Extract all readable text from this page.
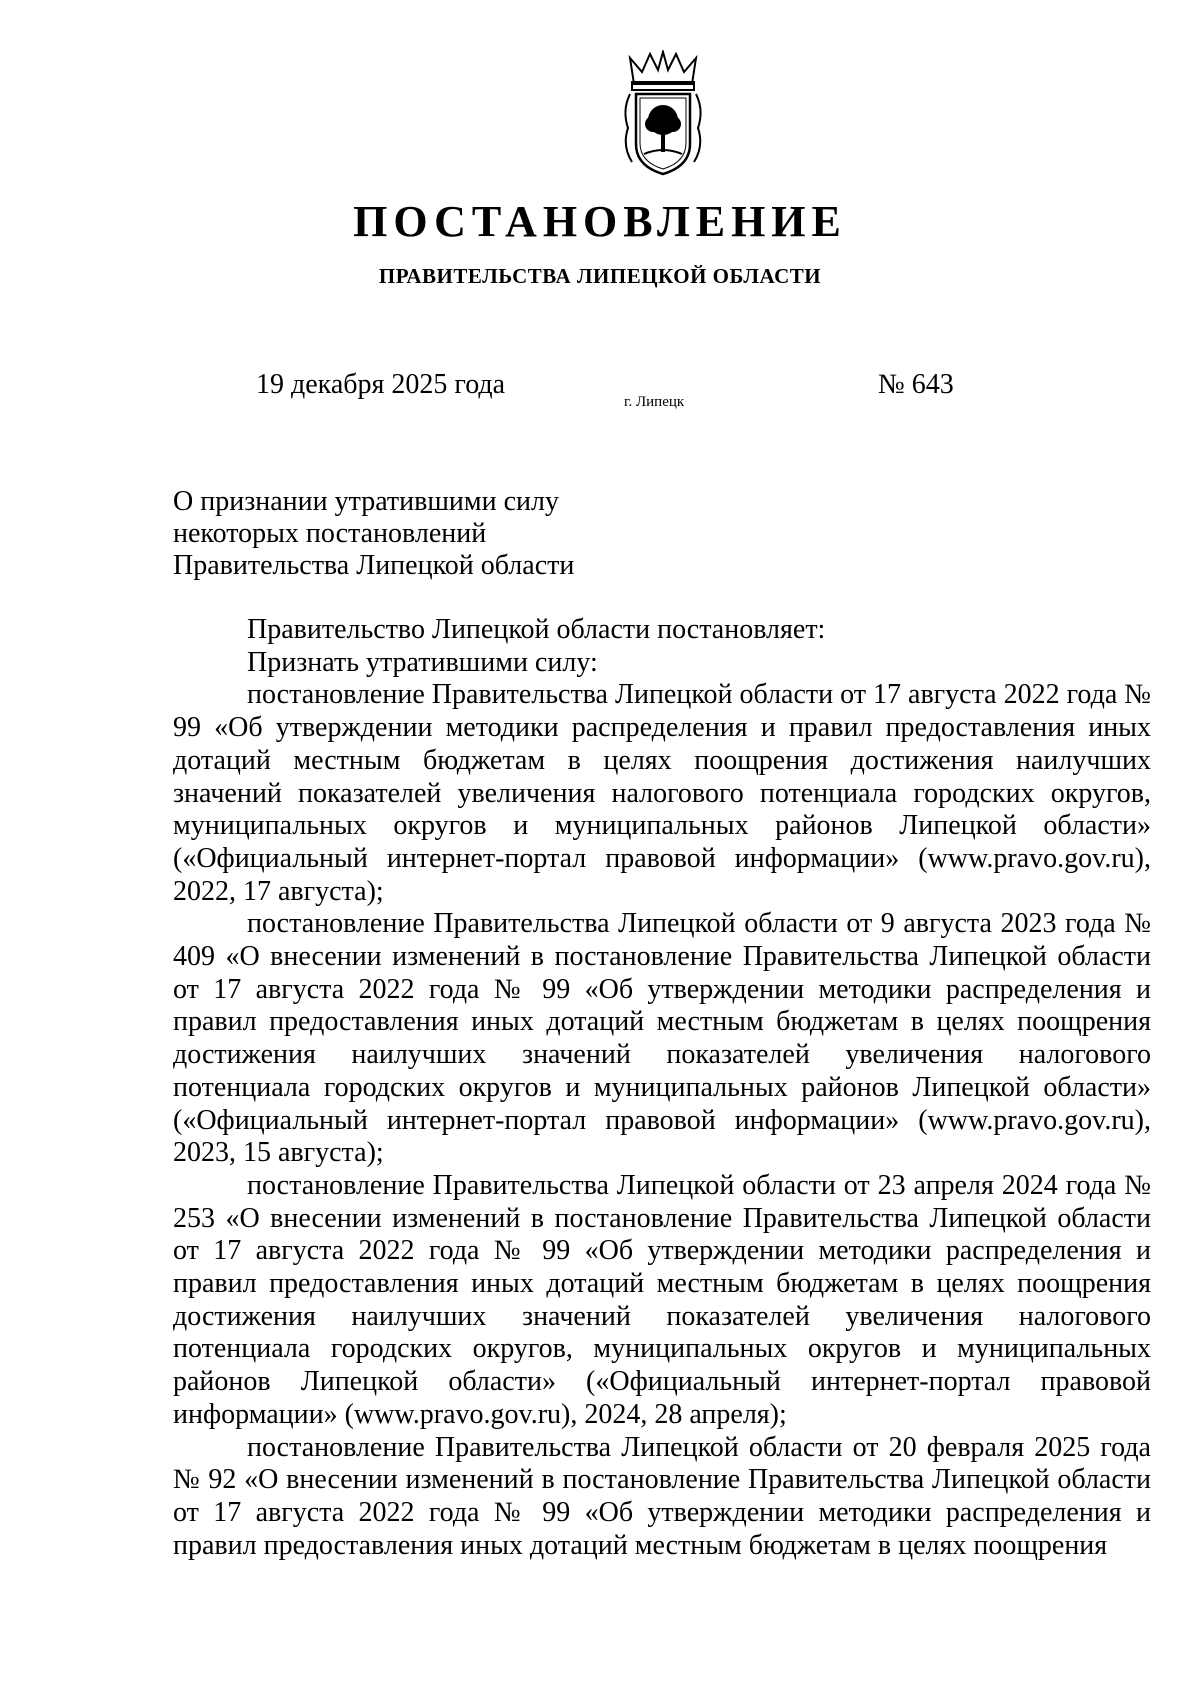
ПОСТАНОВЛЕНИЕ
ПРАВИТЕЛЬСТВА ЛИПЕЦКОЙ ОБЛАСТИ
19 декабря 2025 года
г. Липецк
№ 643
О признании утратившими силу
некоторых постановлений
Правительства Липецкой области

Правительство Липецкой области постановляет:

Признать утратившими силу:

постановление Правительства Липецкой области от 17 августа 2022 года № 99 «Об утверждении методики распределения и правил предоставления иных дотаций местным бюджетам в целях поощрения достижения наилучших значений показателей увеличения налогового потенциала городских округов, муниципальных округов и муниципальных районов Липецкой области» («Официальный интернет-портал правовой информации» (www.pravo.gov.ru), 2022, 17 августа);

постановление Правительства Липецкой области от 9 августа 2023 года № 409 «О внесении изменений в постановление Правительства Липецкой области от 17 августа 2022 года № 99 «Об утверждении методики распределения и правил предоставления иных дотаций местным бюджетам в целях поощрения достижения наилучших значений показателей увеличения налогового потенциала городских округов и муниципальных районов Липецкой области» («Официальный интернет-портал правовой информации» (www.pravo.gov.ru), 2023, 15 августа);

постановление Правительства Липецкой области от 23 апреля 2024 года № 253 «О внесении изменений в постановление Правительства Липецкой области от 17 августа 2022 года № 99 «Об утверждении методики распределения и правил предоставления иных дотаций местным бюджетам в целях поощрения достижения наилучших значений показателей увеличения налогового потенциала городских округов, муниципальных округов и муниципальных районов Липецкой области» («Официальный интернет-портал правовой информации» (www.pravo.gov.ru), 2024, 28 апреля);

постановление Правительства Липецкой области от 20 февраля 2025 года № 92 «О внесении изменений в постановление Правительства Липецкой области от 17 августа 2022 года № 99 «Об утверждении методики распределения и правил предоставления иных дотаций местным бюджетам в целях поощрения
